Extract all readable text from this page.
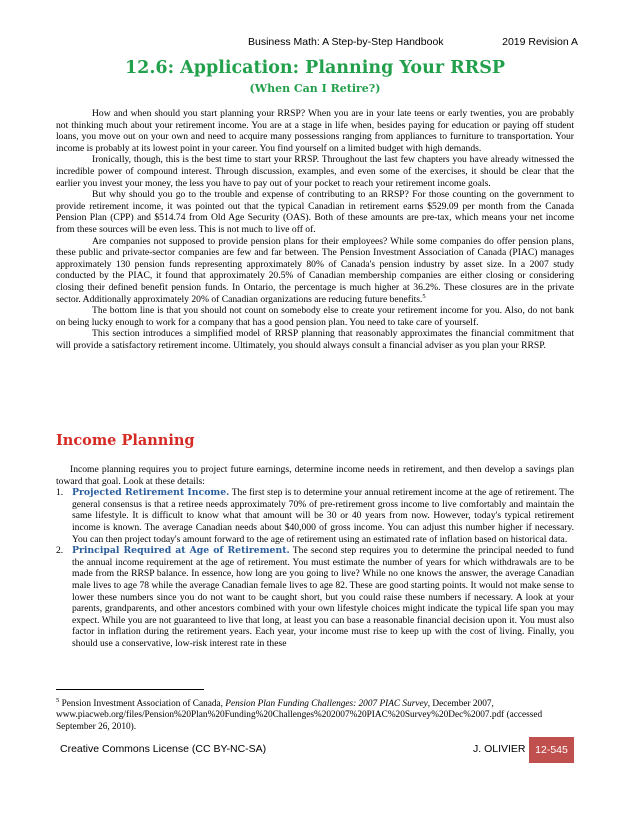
Business Math: A Step-by-Step Handbook	2019 Revision A
12.6: Application: Planning Your RRSP
(When Can I Retire?)

How and when should you start planning your RRSP? When you are in your late teens or early twenties, you are probably not thinking much about your retirement income. You are at a stage in life when, besides paying for education or paying off student loans, you move out on your own and need to acquire many possessions ranging from appliances to furniture to transportation. Your income is probably at its lowest point in your career. You find yourself on a limited budget with high demands.

Ironically, though, this is the best time to start your RRSP. Throughout the last few chapters you have already witnessed the incredible power of compound interest. Through discussion, examples, and even some of the exercises, it should be clear that the earlier you invest your money, the less you have to pay out of your pocket to reach your retirement income goals.

But why should you go to the trouble and expense of contributing to an RRSP? For those counting on the government to provide retirement income, it was pointed out that the typical Canadian in retirement earns $529.09 per month from the Canada Pension Plan (CPP) and $514.74 from Old Age Security (OAS). Both of these amounts are pre-tax, which means your net income from these sources will be even less. This is not much to live off of.

Are companies not supposed to provide pension plans for their employees? While some companies do offer pension plans, these public and private-sector companies are few and far between. The Pension Investment Association of Canada (PIAC) manages approximately 130 pension funds representing approximately 80% of Canada's pension industry by asset size. In a 2007 study conducted by the PIAC, it found that approximately 20.5% of Canadian membership companies are either closing or considering closing their defined benefit pension funds. In Ontario, the percentage is much higher at 36.2%. These closures are in the private sector. Additionally approximately 20% of Canadian organizations are reducing future benefits.$^5$

The bottom line is that you should not count on somebody else to create your retirement income for you. Also, do not bank on being lucky enough to work for a company that has a good pension plan. You need to take care of yourself.

This section introduces a simplified model of RRSP planning that reasonably approximates the financial commitment that will provide a satisfactory retirement income. Ultimately, you should always consult a financial adviser as you plan your RRSP.

Income Planning

Income planning requires you to project future earnings, determine income needs in retirement, and then develop a savings plan toward that goal. Look at these details:

1. Projected Retirement Income. The first step is to determine your annual retirement income at the age of retirement. The general consensus is that a retiree needs approximately 70% of pre-retirement gross income to live comfortably and maintain the same lifestyle. It is difficult to know what that amount will be 30 or 40 years from now. However, today's typical retirement income is known. The average Canadian needs about $40,000 of gross income. You can adjust this number higher if necessary. You can then project today's amount forward to the age of retirement using an estimated rate of inflation based on historical data.
2. Principal Required at Age of Retirement. The second step requires you to determine the principal needed to fund the annual income requirement at the age of retirement. You must estimate the number of years for which withdrawals are to be made from the RRSP balance. In essence, how long are you going to live? While no one knows the answer, the average Canadian male lives to age 78 while the average Canadian female lives to age 82. These are good starting points. It would not make sense to lower these numbers since you do not want to be caught short, but you could raise these numbers if necessary. A look at your parents, grandparents, and other ancestors combined with your own lifestyle choices might indicate the typical life span you may expect. While you are not guaranteed to live that long, at least you can base a reasonable financial decision upon it. You must also factor in inflation during the retirement years. Each year, your income must rise to keep up with the cost of living. Finally, you should use a conservative, low-risk interest rate in these
$^5$ Pension Investment Association of Canada, Pension Plan Funding Challenges: 2007 PIAC Survey, December 2007, www.piacweb.org/files/Pension%20Plan%20Funding%20Challenges%202007%20PIAC%20Survey%20Dec%2007.pdf (accessed September 26, 2010).
Creative Commons License (CC BY-NC-SA)	J. OLIVIER 12-545
